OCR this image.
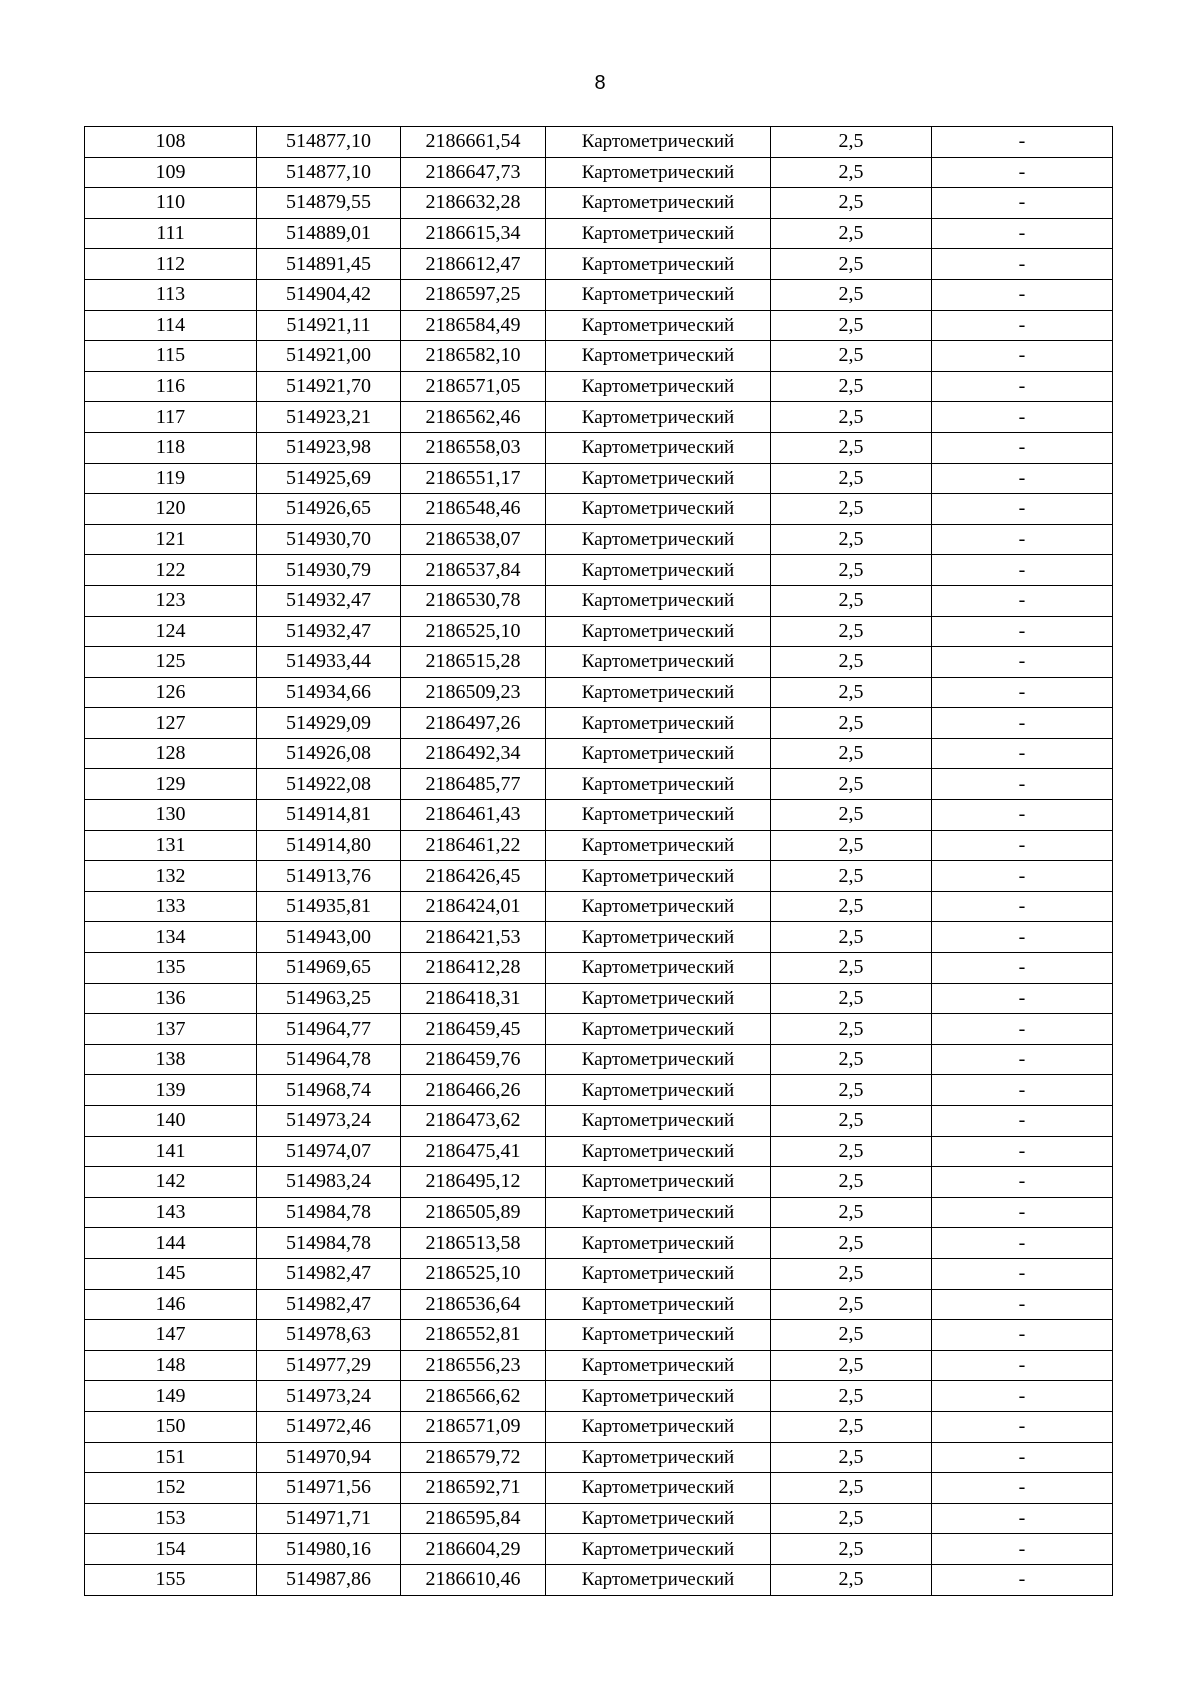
8
108	514877,10	2186661,54	Картометрический	2,5	-
109	514877,10	2186647,73	Картометрический	2,5	-
110	514879,55	2186632,28	Картометрический	2,5	-
111	514889,01	2186615,34	Картометрический	2,5	-
112	514891,45	2186612,47	Картометрический	2,5	-
113	514904,42	2186597,25	Картометрический	2,5	-
114	514921,11	2186584,49	Картометрический	2,5	-
115	514921,00	2186582,10	Картометрический	2,5	-
116	514921,70	2186571,05	Картометрический	2,5	-
117	514923,21	2186562,46	Картометрический	2,5	-
118	514923,98	2186558,03	Картометрический	2,5	-
119	514925,69	2186551,17	Картометрический	2,5	-
120	514926,65	2186548,46	Картометрический	2,5	-
121	514930,70	2186538,07	Картометрический	2,5	-
122	514930,79	2186537,84	Картометрический	2,5	-
123	514932,47	2186530,78	Картометрический	2,5	-
124	514932,47	2186525,10	Картометрический	2,5	-
125	514933,44	2186515,28	Картометрический	2,5	-
126	514934,66	2186509,23	Картометрический	2,5	-
127	514929,09	2186497,26	Картометрический	2,5	-
128	514926,08	2186492,34	Картометрический	2,5	-
129	514922,08	2186485,77	Картометрический	2,5	-
130	514914,81	2186461,43	Картометрический	2,5	-
131	514914,80	2186461,22	Картометрический	2,5	-
132	514913,76	2186426,45	Картометрический	2,5	-
133	514935,81	2186424,01	Картометрический	2,5	-
134	514943,00	2186421,53	Картометрический	2,5	-
135	514969,65	2186412,28	Картометрический	2,5	-
136	514963,25	2186418,31	Картометрический	2,5	-
137	514964,77	2186459,45	Картометрический	2,5	-
138	514964,78	2186459,76	Картометрический	2,5	-
139	514968,74	2186466,26	Картометрический	2,5	-
140	514973,24	2186473,62	Картометрический	2,5	-
141	514974,07	2186475,41	Картометрический	2,5	-
142	514983,24	2186495,12	Картометрический	2,5	-
143	514984,78	2186505,89	Картометрический	2,5	-
144	514984,78	2186513,58	Картометрический	2,5	-
145	514982,47	2186525,10	Картометрический	2,5	-
146	514982,47	2186536,64	Картометрический	2,5	-
147	514978,63	2186552,81	Картометрический	2,5	-
148	514977,29	2186556,23	Картометрический	2,5	-
149	514973,24	2186566,62	Картометрический	2,5	-
150	514972,46	2186571,09	Картометрический	2,5	-
151	514970,94	2186579,72	Картометрический	2,5	-
152	514971,56	2186592,71	Картометрический	2,5	-
153	514971,71	2186595,84	Картометрический	2,5	-
154	514980,16	2186604,29	Картометрический	2,5	-
155	514987,86	2186610,46	Картометрический	2,5	-
